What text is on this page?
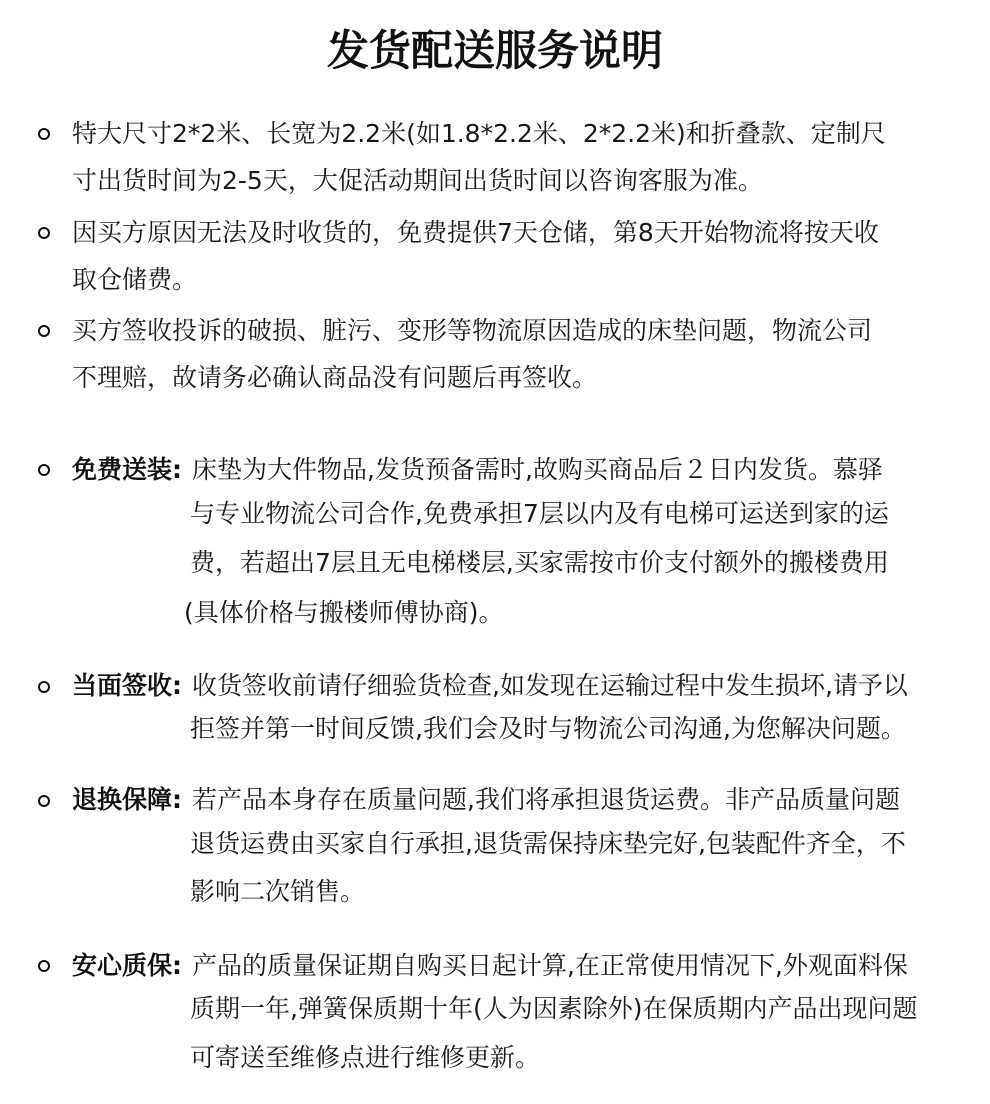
发货配送服务说明
特大尺寸2*2米、长宽为2.2米(如1.8*2.2米、2*2.2米)和折叠款、定制尺
寸出货时间为2-5天，大促活动期间出货时间以咨询客服为准。
因买方原因无法及时收货的，免费提供7天仓储，第8天开始物流将按天收
取仓储费。
买方签收投诉的破损、脏污、变形等物流原因造成的床垫问题，物流公司
不理赔，故请务必确认商品没有问题后再签收。
免费送装: 床垫为大件物品,发货预备需时,故购买商品后２日内发货。慕驿
与专业物流公司合作,免费承担7层以内及有电梯可运送到家的运
费，若超出7层且无电梯楼层,买家需按市价支付额外的搬楼费用
(具体价格与搬楼师傅协商)。
当面签收: 收货签收前请仔细验货检查,如发现在运输过程中发生损坏,请予以
拒签并第一时间反馈,我们会及时与物流公司沟通,为您解决问题。
退换保障: 若产品本身存在质量问题,我们将承担退货运费。非产品质量问题
退货运费由买家自行承担,退货需保持床垫完好,包装配件齐全，不
影响二次销售。
安心质保: 产品的质量保证期自购买日起计算,在正常使用情况下,外观面料保
质期一年,弹簧保质期十年(人为因素除外)在保质期内产品出现问题
可寄送至维修点进行维修更新。
